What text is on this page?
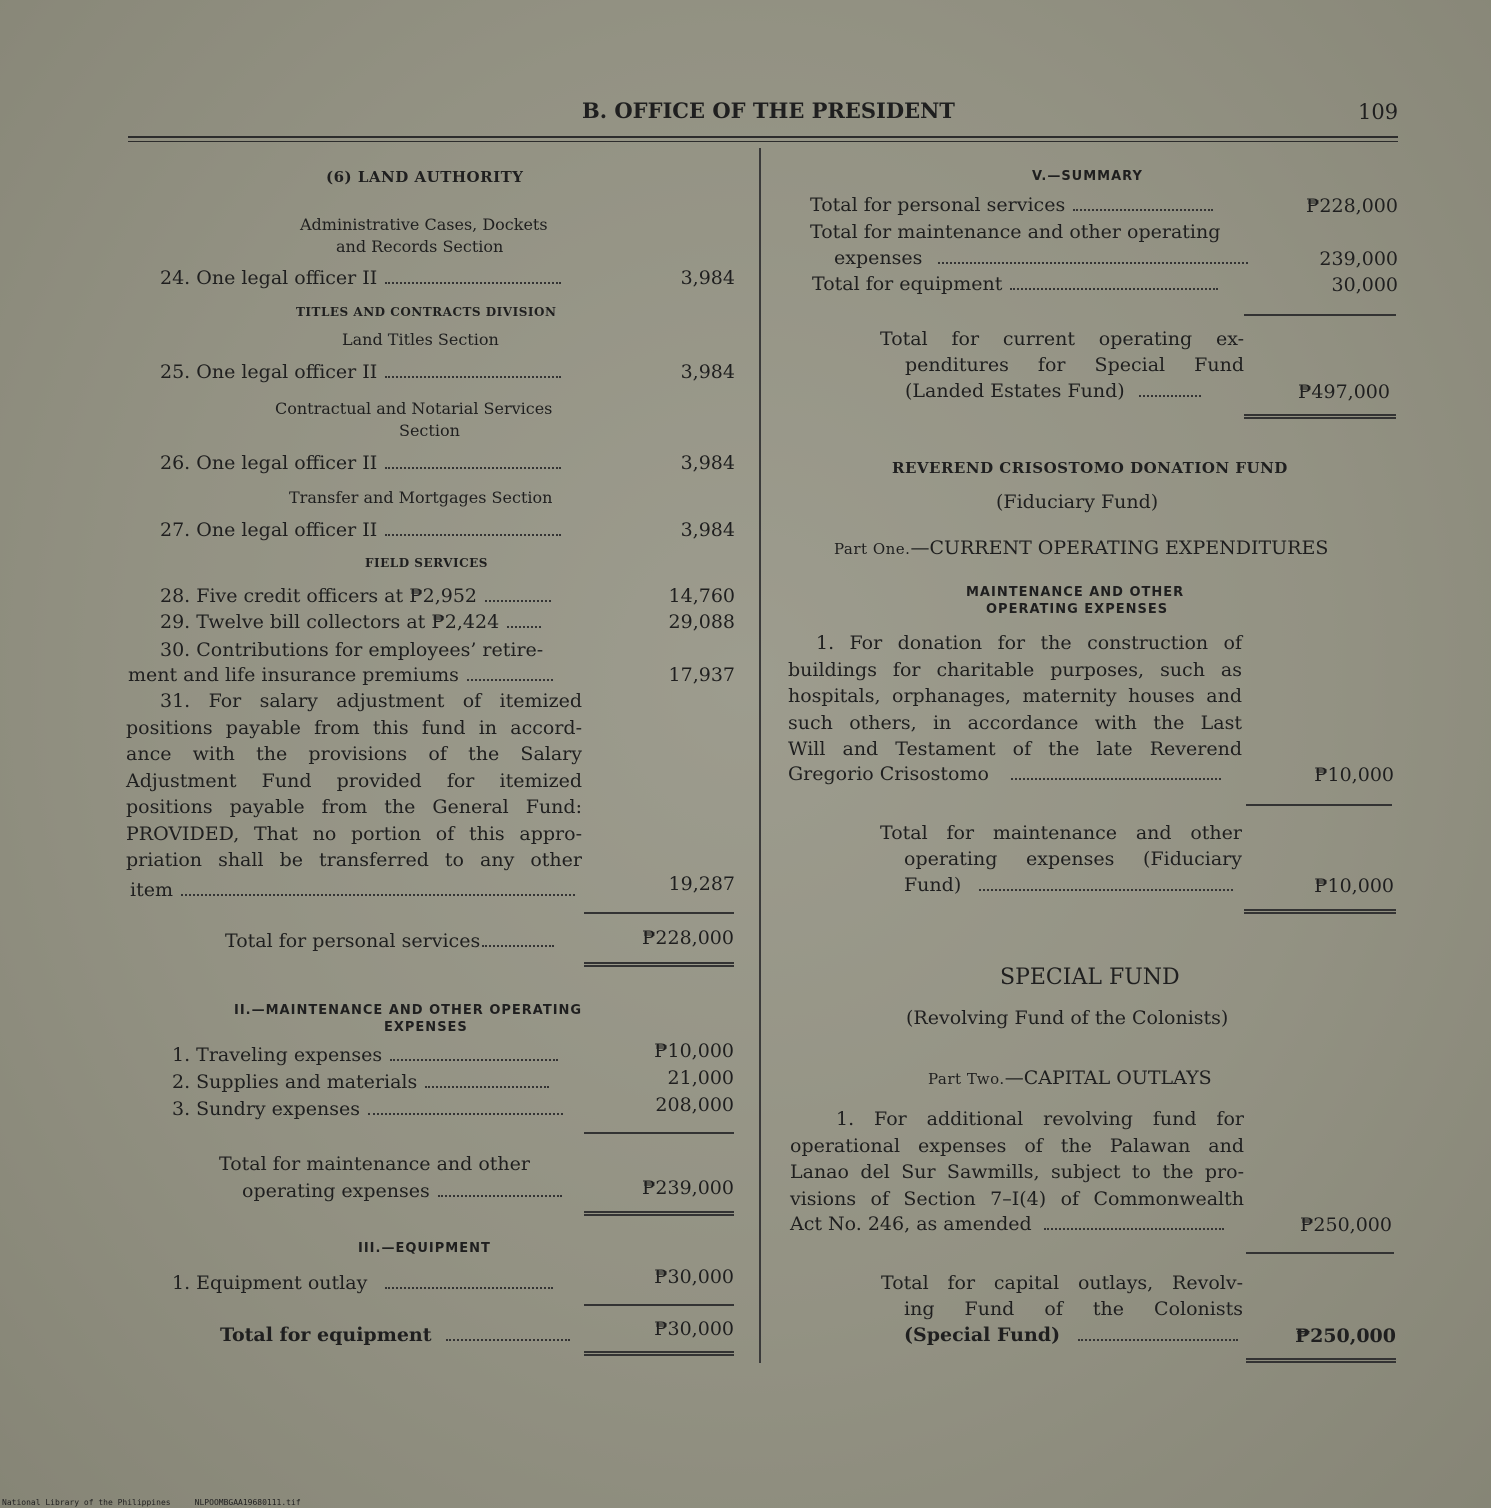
B. OFFICE OF THE PRESIDENT	109
(6) LAND AUTHORITY
Administrative Cases, Dockets
and Records Section
24. One legal officer II	3,984
TITLES AND CONTRACTS DIVISION
Land Titles Section
25. One legal officer II	3,984
Contractual and Notarial Services
Section
26. One legal officer II	3,984
Transfer and Mortgages Section
27. One legal officer II	3,984
FIELD SERVICES
28. Five credit officers at ₱2,952	14,760
29. Twelve bill collectors at ₱2,424	29,088
30. Contributions for employees’ retire-
ment and life insurance premiums	17,937
31. For salary adjustment of itemized
positions payable from this fund in accord-
ance with the provisions of the Salary
Adjustment Fund provided for itemized
positions payable from the General Fund:
PROVIDED, That no portion of this appro-
priation shall be transferred to any other
item	19,287
Total for personal services	₱228,000
II.—MAINTENANCE AND OTHER OPERATING
EXPENSES
1. Traveling expenses	₱10,000
2. Supplies and materials	21,000
3. Sundry expenses	208,000
Total for maintenance and other
operating expenses	₱239,000
III.—EQUIPMENT
1. Equipment outlay	₱30,000
Total for equipment	₱30,000
V.—SUMMARY
Total for personal services	₱228,000
Total for maintenance and other operating
expenses	239,000
Total for equipment	30,000
Total for current operating ex-
penditures for Special Fund
(Landed Estates Fund)	₱497,000
REVEREND CRISOSTOMO DONATION FUND
(Fiduciary Fund)
Part One.—CURRENT OPERATING EXPENDITURES
MAINTENANCE AND OTHER
OPERATING EXPENSES
1. For donation for the construction of
buildings for charitable purposes, such as
hospitals, orphanages, maternity houses and
such others, in accordance with the Last
Will and Testament of the late Reverend
Gregorio Crisostomo	₱10,000
Total for maintenance and other
operating expenses (Fiduciary
Fund)	₱10,000
SPECIAL FUND
(Revolving Fund of the Colonists)
Part Two.—CAPITAL OUTLAYS
1. For additional revolving fund for
operational expenses of the Palawan and
Lanao del Sur Sawmills, subject to the pro-
visions of Section 7–I(4) of Commonwealth
Act No. 246, as amended	₱250,000
Total for capital outlays, Revolv-
ing Fund of the Colonists
(Special Fund)	₱250,000
National Library of the Philippines	NLPOOMBGAA19680111.tif
